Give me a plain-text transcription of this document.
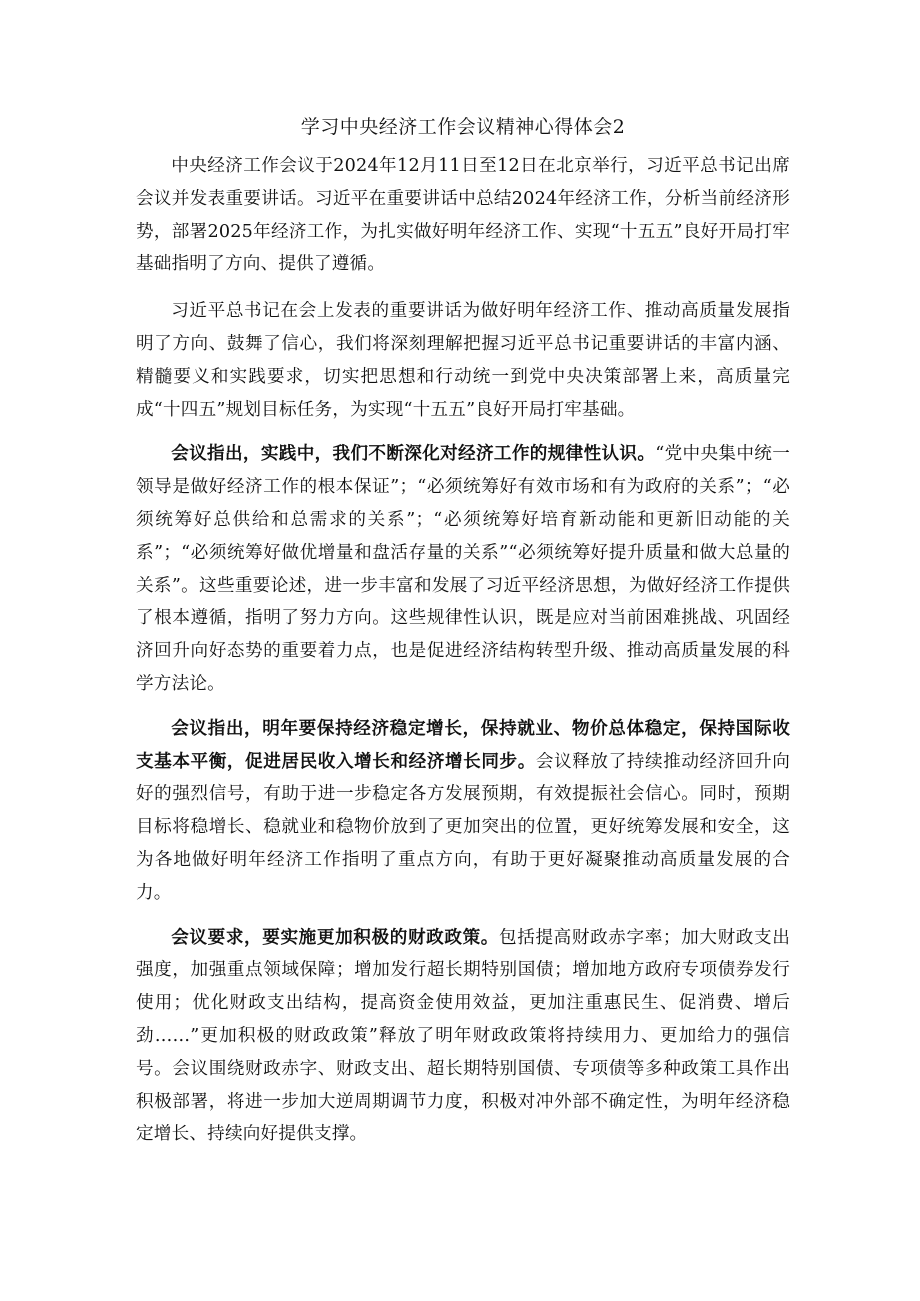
学习中央经济工作会议精神心得体会2

中央经济工作会议于2024年12月11日至12日在北京举行，习近平总书记出席会议并发表重要讲话。习近平在重要讲话中总结2024年经济工作，分析当前经济形势，部署2025年经济工作，为扎实做好明年经济工作、实现“十五五”良好开局打牢基础指明了方向、提供了遵循。

习近平总书记在会上发表的重要讲话为做好明年经济工作、推动高质量发展指明了方向、鼓舞了信心，我们将深刻理解把握习近平总书记重要讲话的丰富内涵、精髓要义和实践要求，切实把思想和行动统一到党中央决策部署上来，高质量完成“十四五”规划目标任务，为实现“十五五”良好开局打牢基础。

会议指出，实践中，我们不断深化对经济工作的规律性认识。“党中央集中统一领导是做好经济工作的根本保证”；“必须统筹好有效市场和有为政府的关系”；“必须统筹好总供给和总需求的关系”；“必须统筹好培育新动能和更新旧动能的关系”；“必须统筹好做优增量和盘活存量的关系”“必须统筹好提升质量和做大总量的关系”。这些重要论述，进一步丰富和发展了习近平经济思想，为做好经济工作提供了根本遵循，指明了努力方向。这些规律性认识，既是应对当前困难挑战、巩固经济回升向好态势的重要着力点，也是促进经济结构转型升级、推动高质量发展的科学方法论。

会议指出，明年要保持经济稳定增长，保持就业、物价总体稳定，保持国际收支基本平衡，促进居民收入增长和经济增长同步。会议释放了持续推动经济回升向好的强烈信号，有助于进一步稳定各方发展预期，有效提振社会信心。同时，预期目标将稳增长、稳就业和稳物价放到了更加突出的位置，更好统筹发展和安全，这为各地做好明年经济工作指明了重点方向，有助于更好凝聚推动高质量发展的合力。

会议要求，要实施更加积极的财政政策。包括提高财政赤字率；加大财政支出强度，加强重点领域保障；增加发行超长期特别国债；增加地方政府专项债券发行使用；优化财政支出结构，提高资金使用效益，更加注重惠民生、促消费、增后劲……”更加积极的财政政策”释放了明年财政政策将持续用力、更加给力的强信号。会议围绕财政赤字、财政支出、超长期特别国债、专项债等多种政策工具作出积极部署，将进一步加大逆周期调节力度，积极对冲外部不确定性，为明年经济稳定增长、持续向好提供支撑。
